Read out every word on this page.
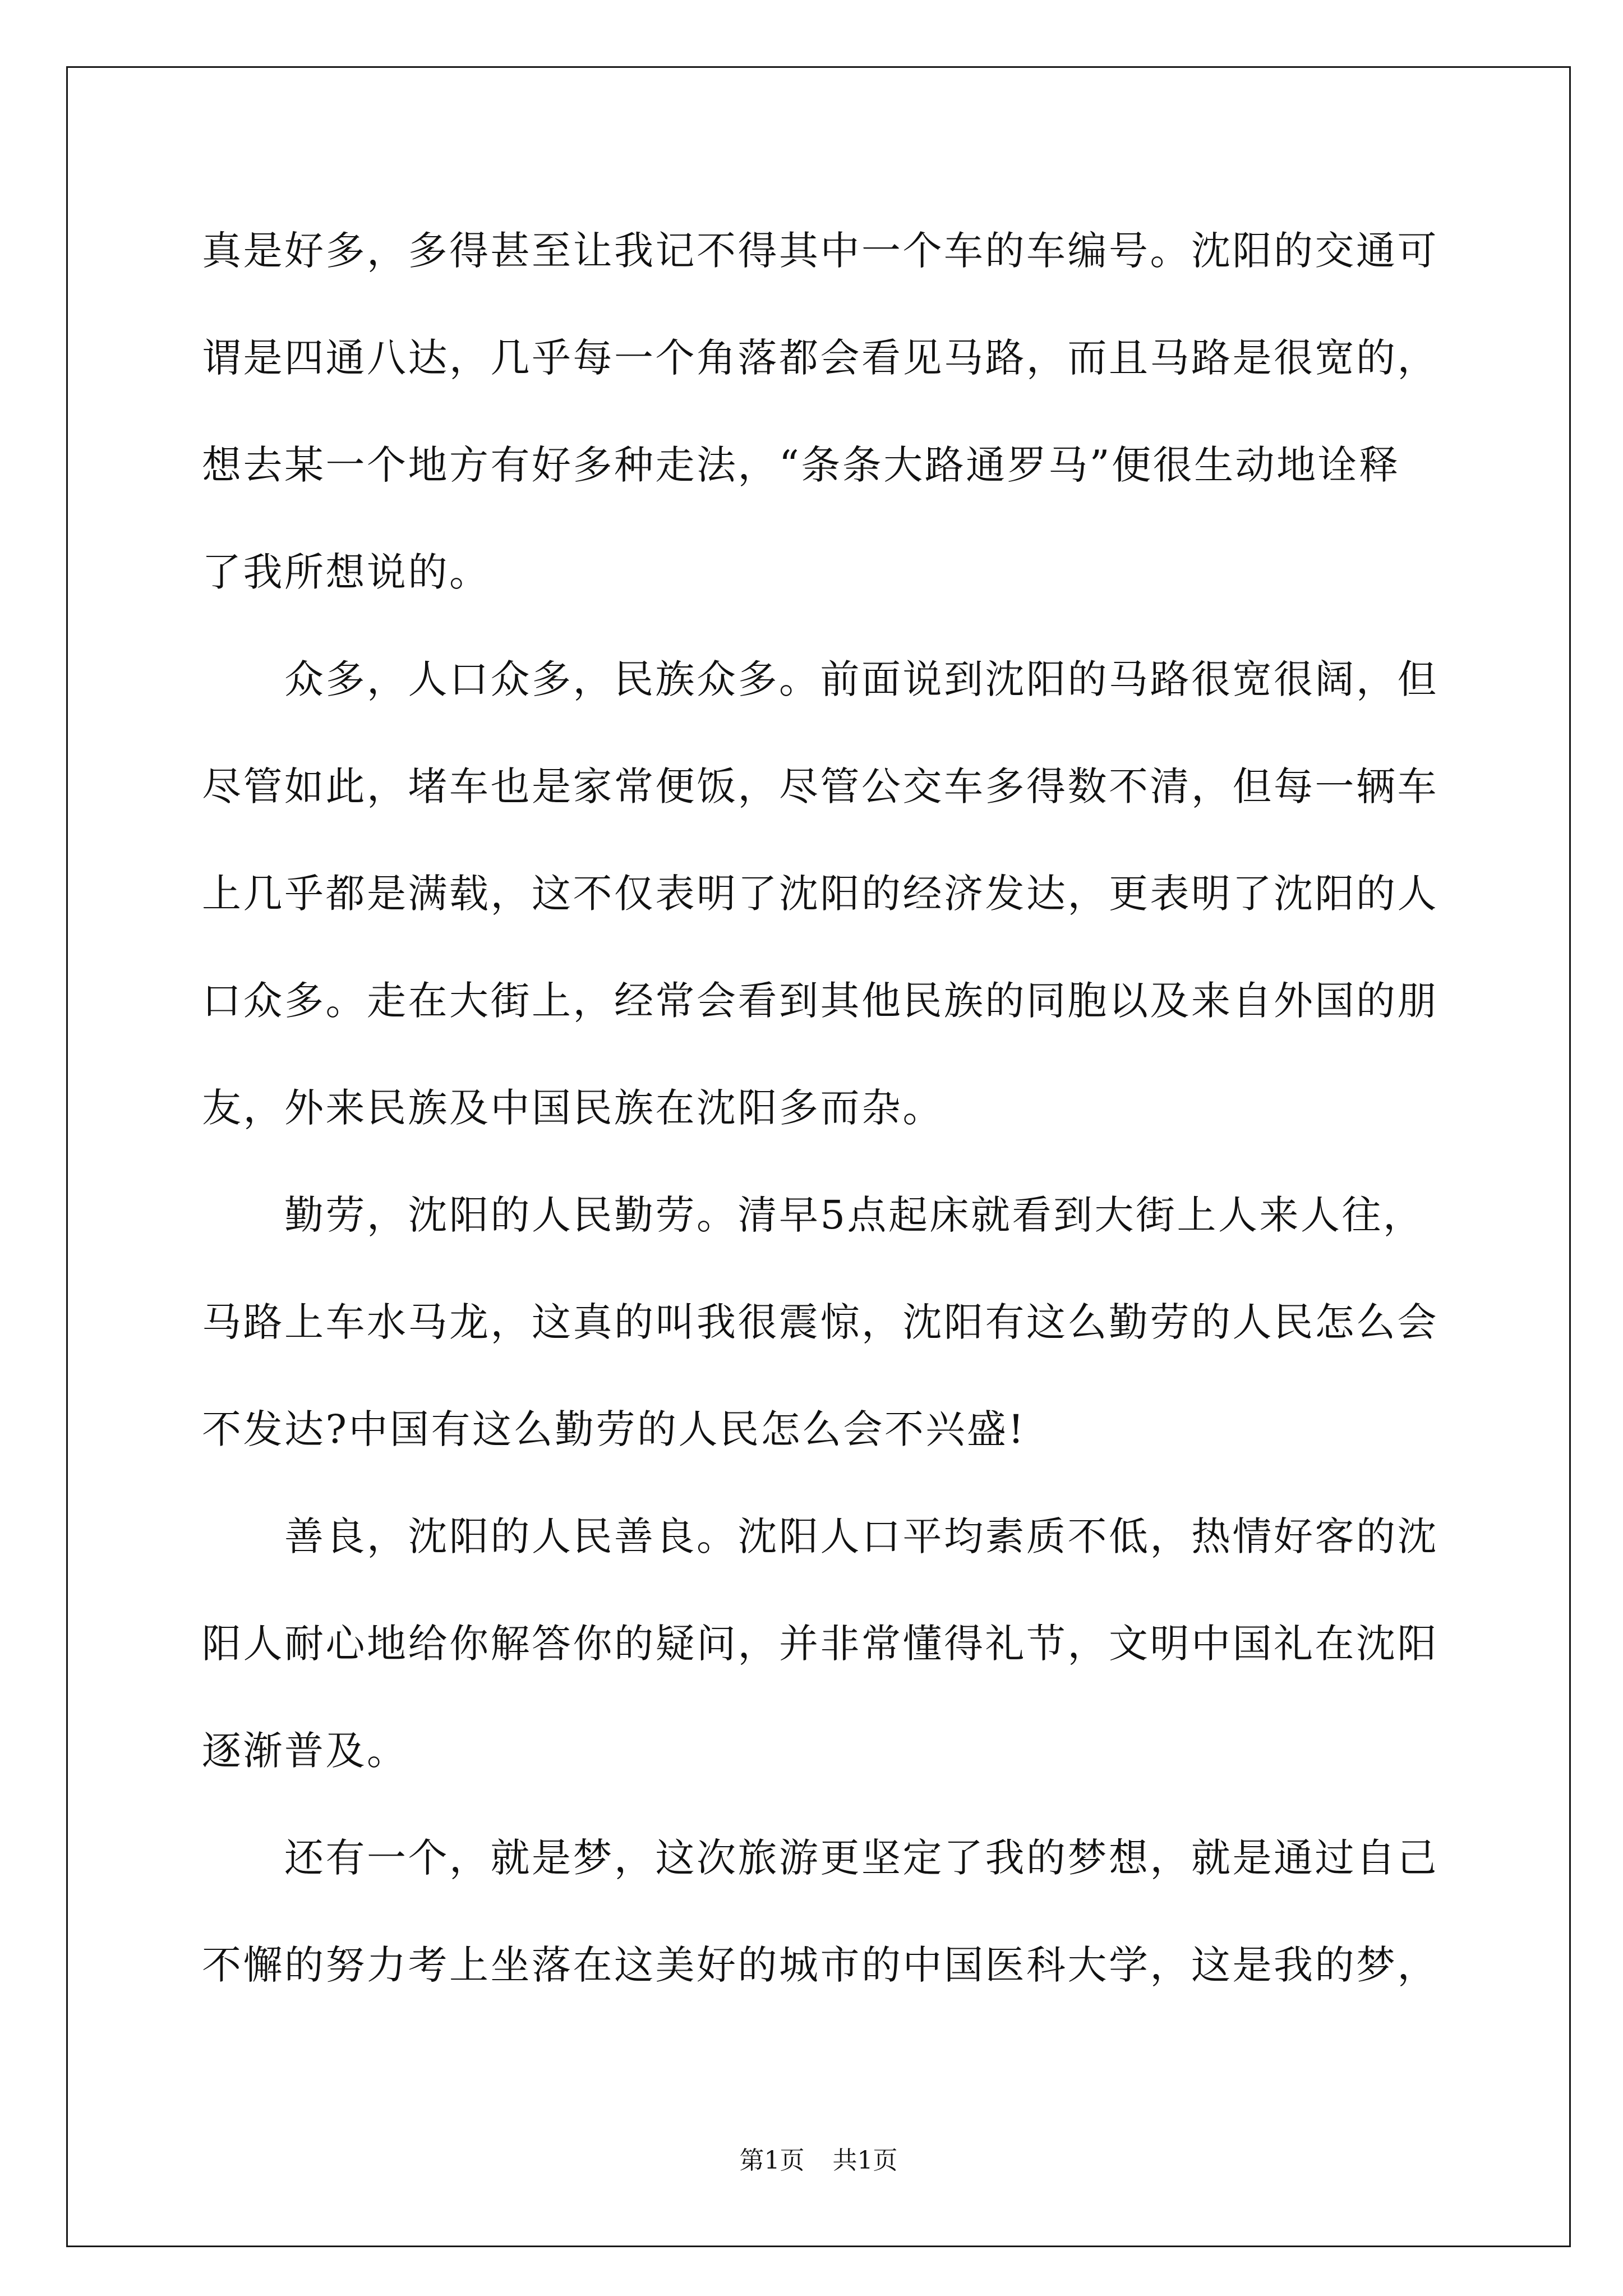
真是好多，多得甚至让我记不得其中一个车的车编号。沈阳的交通可
谓是四通八达，几乎每一个角落都会看见马路，而且马路是很宽的，
想去某一个地方有好多种走法，“条条大路通罗马”便很生动地诠释
了我所想说的。
众多，人口众多，民族众多。前面说到沈阳的马路很宽很阔，但
尽管如此，堵车也是家常便饭，尽管公交车多得数不清，但每一辆车
上几乎都是满载，这不仅表明了沈阳的经济发达，更表明了沈阳的人
口众多。走在大街上，经常会看到其他民族的同胞以及来自外国的朋
友，外来民族及中国民族在沈阳多而杂。
勤劳，沈阳的人民勤劳。清早5点起床就看到大街上人来人往，
马路上车水马龙，这真的叫我很震惊，沈阳有这么勤劳的人民怎么会
不发达?中国有这么勤劳的人民怎么会不兴盛!
善良，沈阳的人民善良。沈阳人口平均素质不低，热情好客的沈
阳人耐心地给你解答你的疑问，并非常懂得礼节，文明中国礼在沈阳
逐渐普及。
还有一个，就是梦，这次旅游更坚定了我的梦想，就是通过自己
不懈的努力考上坐落在这美好的城市的中国医科大学，这是我的梦，
第1页 共1页
